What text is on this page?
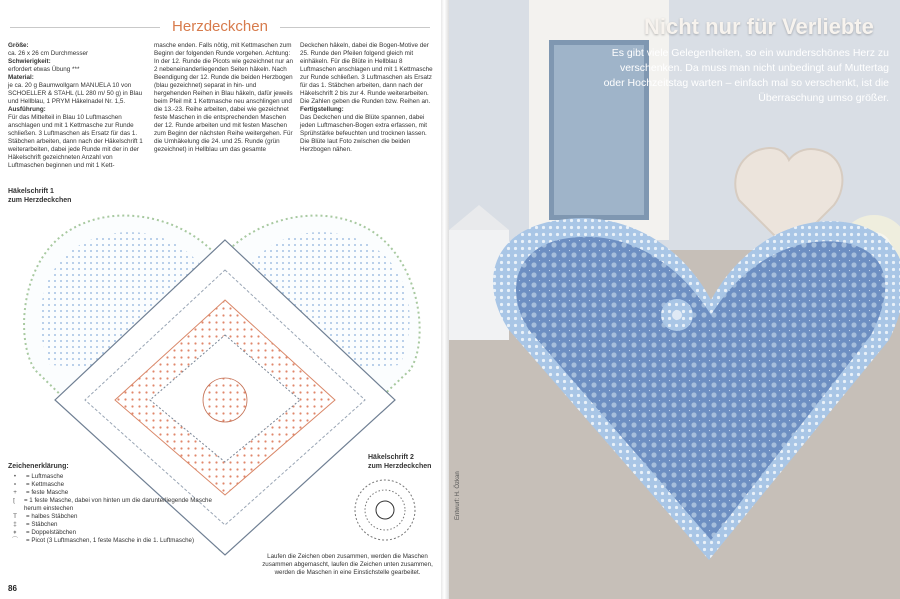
Herzdeckchen

Größe:

ca. 26 x 26 cm Durchmesser

Schwierigkeit:

erfordert etwas Übung ***

Material:

je ca. 20 g Baumwollgarn MANUELA 10 von SCHOELLER & STAHL (LL 280 m/ 50 g) in Blau und Hellblau, 1 PRYM Häkelnadel Nr. 1,5.

Ausführung:

Für das Mittelteil in Blau 10 Luftmaschen anschlagen und mit 1 Kettmasche zur Runde schließen. 3 Luftmaschen als Ersatz für das 1. Stäbchen arbeiten, dann nach der Häkelschrift 1 weiterarbeiten, dabei jede Runde mit der in der Häkelschrift gezeichneten Anzahl von Luftmaschen beginnen und mit 1 Kett-

masche enden. Falls nötig, mit Kettmaschen zum Beginn der folgenden Runde vorgehen. Achtung: In der 12. Runde die Picots wie gezeichnet nur an 2 nebeneinanderliegenden Seiten häkeln. Nach Beendigung der 12. Runde die beiden Herzbogen (blau gezeichnet) separat in hin- und hergehenden Reihen in Blau häkeln, dafür jeweils beim Pfeil mit 1 Kettmasche neu anschlingen und die 13.-23. Reihe arbeiten, dabei wie gezeichnet feste Maschen in die entsprechenden Maschen der 12. Runde arbeiten und mit festen Maschen zum Beginn der nächsten Reihe weitergehen. Für die Umhäkelung die 24. und 25. Runde (grün gezeichnet) in Hellblau um das gesamte

Deckchen häkeln, dabei die Bogen-Motive der 25. Runde den Pfeilen folgend gleich mit einhäkeln. Für die Blüte in Hellblau 8 Luftmaschen anschlagen und mit 1 Kettmasche zur Runde schließen. 3 Luftmaschen als Ersatz für das 1. Stäbchen arbeiten, dann nach der Häkelschrift 2 bis zur 4. Runde weiterarbeiten. Die Zahlen geben die Runden bzw. Reihen an.

Fertigstellung:

Das Deckchen und die Blüte spannen, dabei jeden Luftmaschen-Bogen extra erfassen, mit Sprühstärke befeuchten und trocknen lassen. Die Blüte laut Foto zwischen die beiden Herzbogen nähen.

Häkelschrift 1
zum Herzdeckchen
Häkelschrift 2
zum Herzdeckchen
Zeichenerklärung:
•	= Luftmasche
∘	= Kettmasche
+	= feste Masche
ʈ	= 1 feste Masche, dabei von hinten um die darunterliegende Masche herum einstechen
T	= halbes Stäbchen
‡	= Stäbchen
⧧	= Doppelstäbchen
⌒	= Picot (3 Luftmaschen, 1 feste Masche in die 1. Luftmasche)
Laufen die Zeichen oben zusammen, werden die Maschen zusammen abgemascht, laufen die Zeichen unten zusammen, werden die Maschen in eine Einstichstelle gearbeitet.
86
Nicht nur für Verliebte
Es gibt viele Gelegenheiten, so ein wunderschönes Herz zu verschenken. Da muss man nicht unbedingt auf Muttertag oder Hochzeitstag warten – einfach mal so verschenkt, ist die Überraschung umso größer.
Entwurf: H. Özkan
